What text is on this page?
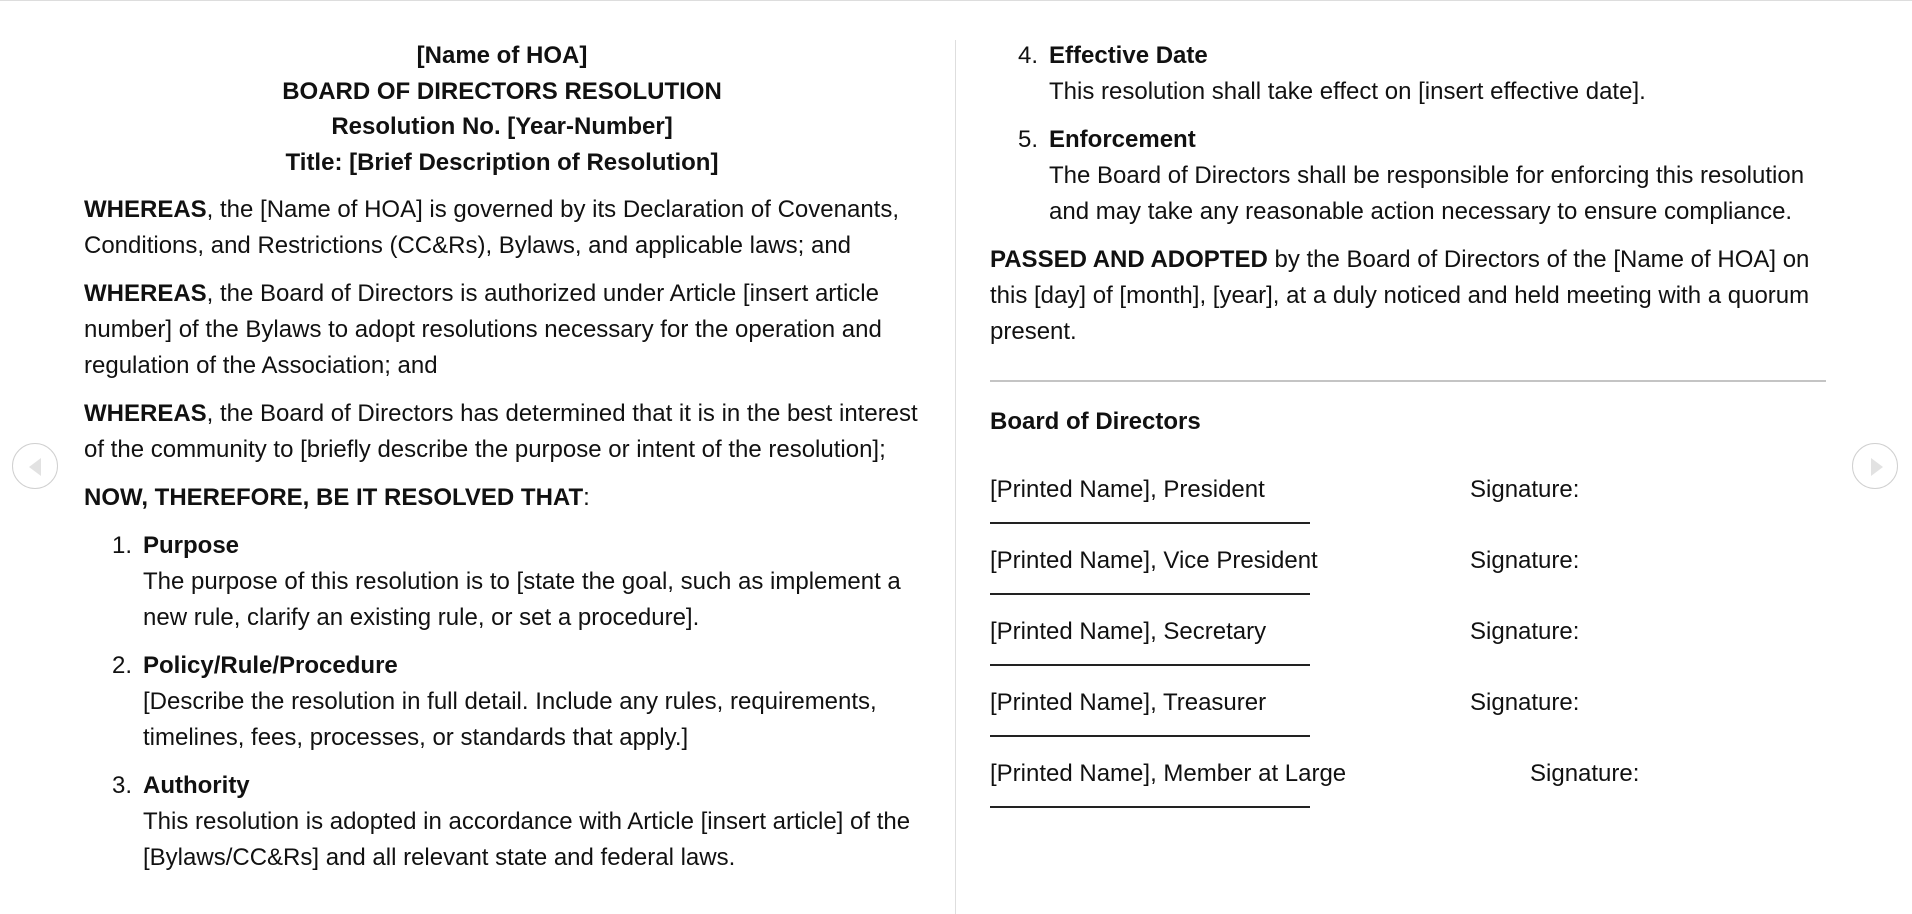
[Name of HOA]
BOARD OF DIRECTORS RESOLUTION
Resolution No. [Year-Number]
Title: [Brief Description of Resolution]
WHEREAS, the [Name of HOA] is governed by its Declaration of Covenants, Conditions, and Restrictions (CC&Rs), Bylaws, and applicable laws; and
WHEREAS, the Board of Directors is authorized under Article [insert article number] of the Bylaws to adopt resolutions necessary for the operation and regulation of the Association; and
WHEREAS, the Board of Directors has determined that it is in the best interest of the community to [briefly describe the purpose or intent of the resolution];
NOW, THEREFORE, BE IT RESOLVED THAT:
1. Purpose
The purpose of this resolution is to [state the goal, such as implement a new rule, clarify an existing rule, or set a procedure].
2. Policy/Rule/Procedure
[Describe the resolution in full detail. Include any rules, requirements, timelines, fees, processes, or standards that apply.]
3. Authority
This resolution is adopted in accordance with Article [insert article] of the [Bylaws/CC&Rs] and all relevant state and federal laws.
4. Effective Date
This resolution shall take effect on [insert effective date].
5. Enforcement
The Board of Directors shall be responsible for enforcing this resolution and may take any reasonable action necessary to ensure compliance.
PASSED AND ADOPTED by the Board of Directors of the [Name of HOA] on this [day] of [month], [year], at a duly noticed and held meeting with a quorum present.
Board of Directors
[Printed Name], President	Signature:
[Printed Name], Vice President	Signature:
[Printed Name], Secretary	Signature:
[Printed Name], Treasurer	Signature:
[Printed Name], Member at Large	Signature:
